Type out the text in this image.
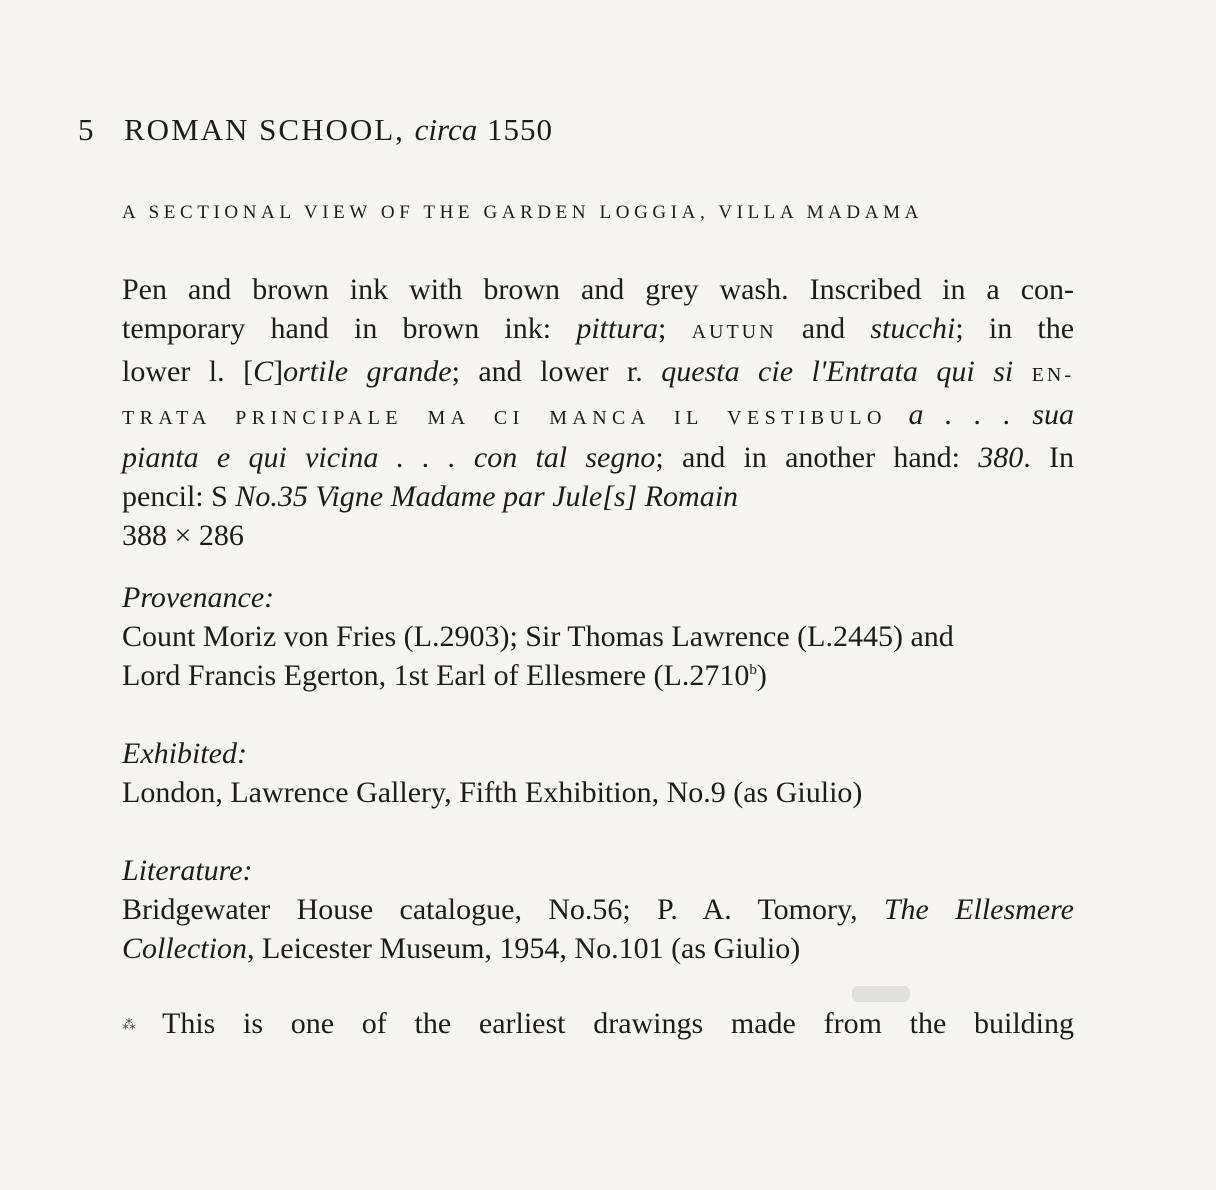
5 ROMAN SCHOOL, circa 1550
A SECTIONAL VIEW OF THE GARDEN LOGGIA, VILLA MADAMA
Pen and brown ink with brown and grey wash. Inscribed in a con-
temporary hand in brown ink: pittura; AUTUN and stucchi; in the
lower l. [C]ortile grande; and lower r. questa cie l'Entrata qui si EN-
TRATA PRINCIPALE MA CI MANCA IL VESTIBULO a . . . sua
pianta e qui vicina . . . con tal segno; and in another hand: 380. In
pencil: S No.35 Vigne Madame par Jule[s] Romain
388 × 286
Provenance:
Count Moriz von Fries (L.2903); Sir Thomas Lawrence (L.2445) and
Lord Francis Egerton, 1st Earl of Ellesmere (L.2710$^b$)
Exhibited:
London, Lawrence Gallery, Fifth Exhibition, No.9 (as Giulio)
Literature:
Bridgewater House catalogue, No.56; P. A. Tomory, The Ellesmere
Collection, Leicester Museum, 1954, No.101 (as Giulio)
⁂ This is one of the earliest drawings made from the building
